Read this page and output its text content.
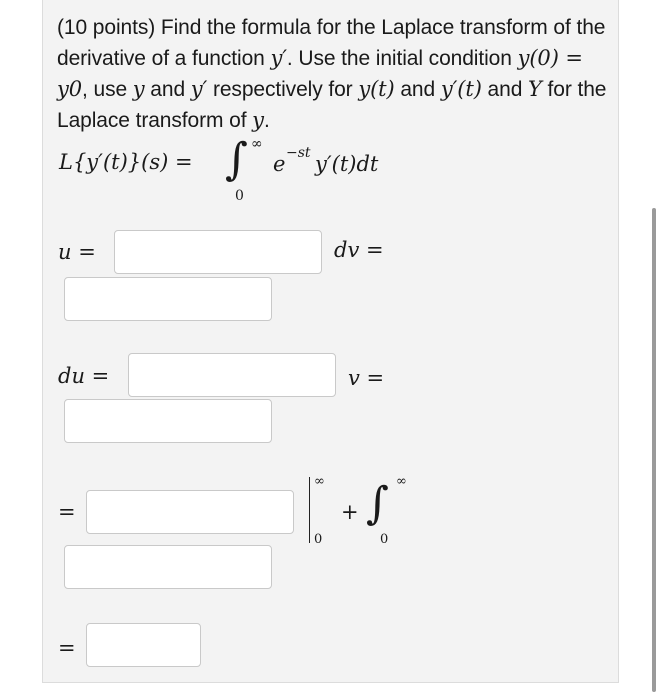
(10 points) Find the formula for the Laplace transform of the derivative of a function y′. Use the initial condition y(0) = y0, use y and y′ respectively for y(t) and y′(t) and Y for the Laplace transform of y.
L{y′(t)}(s) = ∫ ∞
0
e −st y′(t)dt
u =	dv =
du =	v =
=
∞
0
+ ∫ ∞
0
=
